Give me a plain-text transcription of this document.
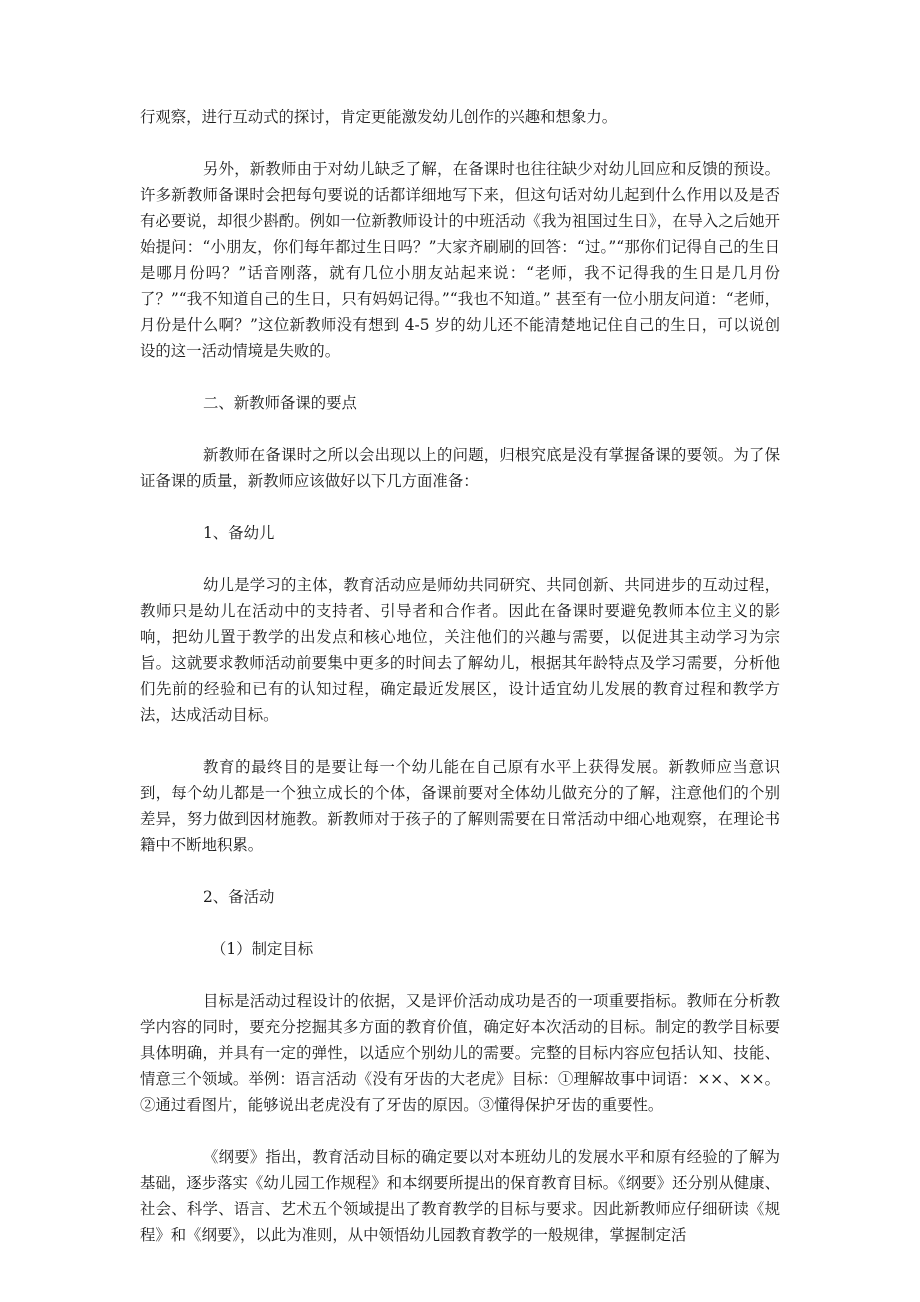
行观察，进行互动式的探讨，肯定更能激发幼儿创作的兴趣和想象力。

另外，新教师由于对幼儿缺乏了解，在备课时也往往缺少对幼儿回应和反馈的预设。许多新教师备课时会把每句要说的话都详细地写下来，但这句话对幼儿起到什么作用以及是否有必要说，却很少斟酌。例如一位新教师设计的中班活动《我为祖国过生日》，在导入之后她开始提问：“小朋友，你们每年都过生日吗？”大家齐刷刷的回答：“过。”“那你们记得自己的生日是哪月份吗？”话音刚落，就有几位小朋友站起来说：“老师，我不记得我的生日是几月份了？”“我不知道自己的生日，只有妈妈记得。”“我也不知道。” 甚至有一位小朋友问道：“老师，月份是什么啊？”这位新教师没有想到 4-5 岁的幼儿还不能清楚地记住自己的生日，可以说创设的这一活动情境是失败的。

二、新教师备课的要点

新教师在备课时之所以会出现以上的问题，归根究底是没有掌握备课的要领。为了保证备课的质量，新教师应该做好以下几方面准备：

1、备幼儿

幼儿是学习的主体，教育活动应是师幼共同研究、共同创新、共同进步的互动过程，教师只是幼儿在活动中的支持者、引导者和合作者。因此在备课时要避免教师本位主义的影响，把幼儿置于教学的出发点和核心地位，关注他们的兴趣与需要，以促进其主动学习为宗旨。这就要求教师活动前要集中更多的时间去了解幼儿，根据其年龄特点及学习需要，分析他们先前的经验和已有的认知过程，确定最近发展区，设计适宜幼儿发展的教育过程和教学方法，达成活动目标。

教育的最终目的是要让每一个幼儿能在自己原有水平上获得发展。新教师应当意识到，每个幼儿都是一个独立成长的个体，备课前要对全体幼儿做充分的了解，注意他们的个别差异，努力做到因材施教。新教师对于孩子的了解则需要在日常活动中细心地观察，在理论书籍中不断地积累。

2、备活动

（1）制定目标

目标是活动过程设计的依据，又是评价活动成功是否的一项重要指标。教师在分析教学内容的同时，要充分挖掘其多方面的教育价值，确定好本次活动的目标。制定的教学目标要具体明确，并具有一定的弹性，以适应个别幼儿的需要。完整的目标内容应包括认知、技能、情意三个领域。举例：语言活动《没有牙齿的大老虎》目标：①理解故事中词语：××、××。②通过看图片，能够说出老虎没有了牙齿的原因。③懂得保护牙齿的重要性。

《纲要》指出，教育活动目标的确定要以对本班幼儿的发展水平和原有经验的了解为基础，逐步落实《幼儿园工作规程》和本纲要所提出的保育教育目标。《纲要》还分别从健康、社会、科学、语言、艺术五个领域提出了教育教学的目标与要求。因此新教师应仔细研读《规程》和《纲要》，以此为准则，从中领悟幼儿园教育教学的一般规律，掌握制定活
